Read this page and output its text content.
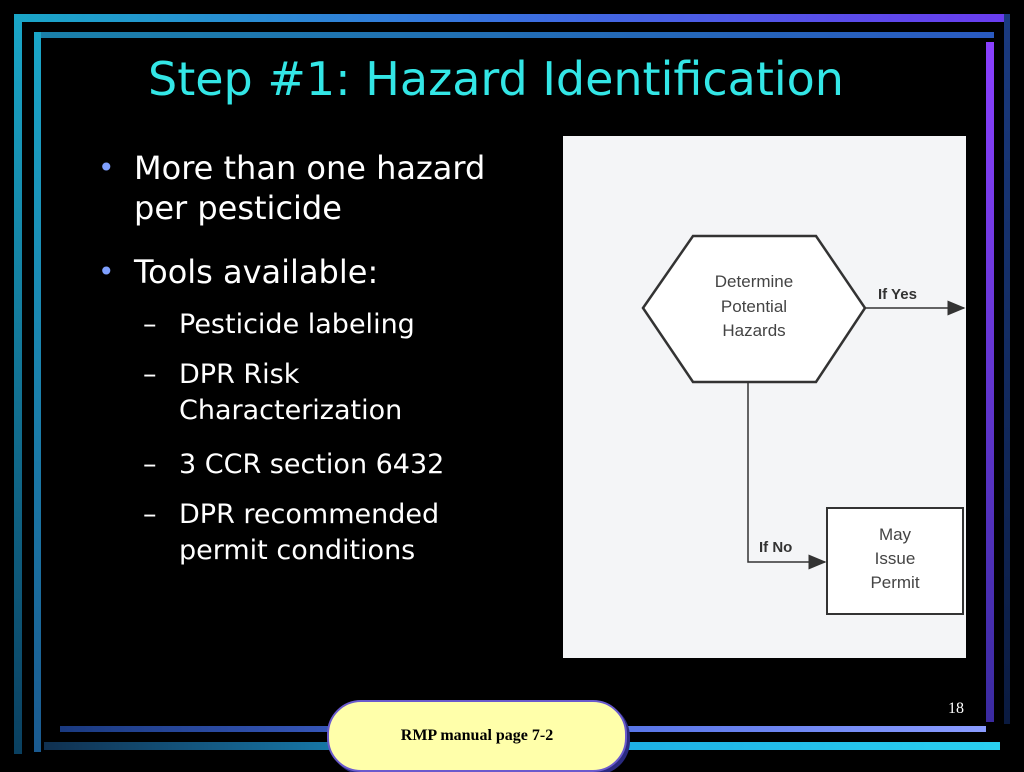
Step #1: Hazard Identification
• More than one hazard per pesticide
• Tools available:
– Pesticide labeling
– DPR Risk Characterization
– 3 CCR section 6432
– DPR recommended permit conditions
Determine
Potential
Hazards
If Yes
If No
May
Issue
Permit
18
RMP manual page 7-2
